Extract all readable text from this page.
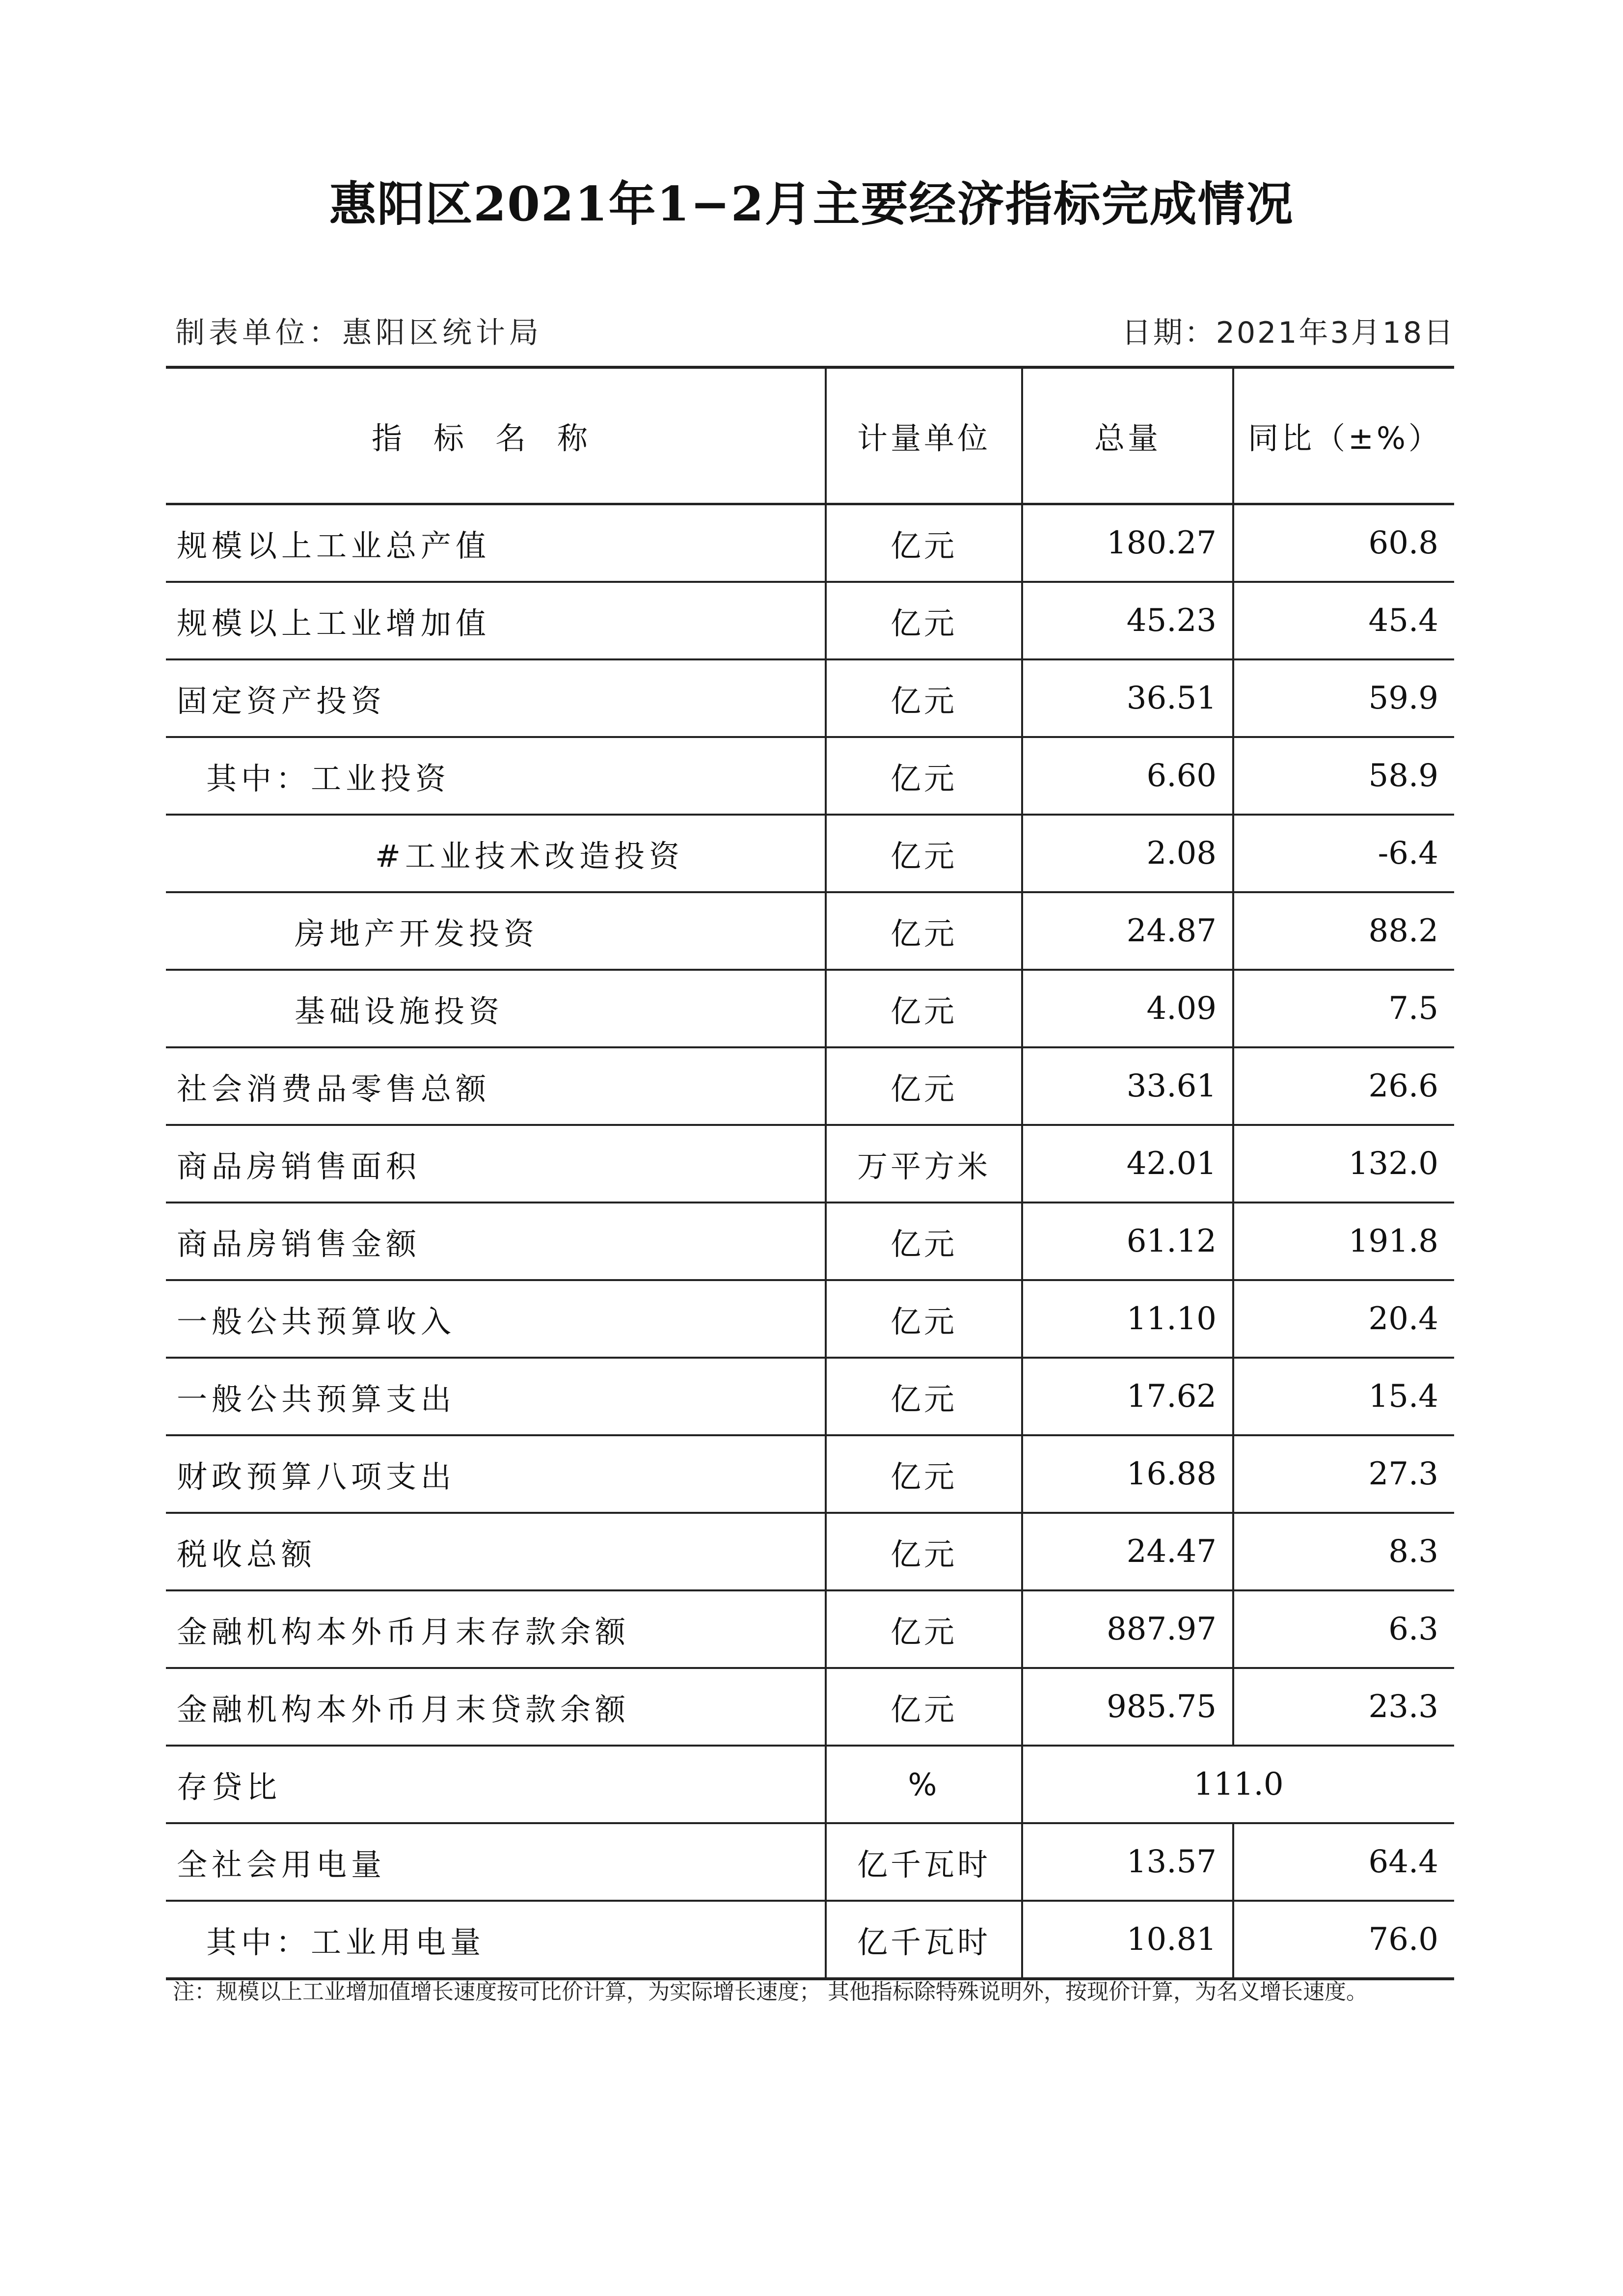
惠阳区2021年1−2月主要经济指标完成情况
制表单位：惠阳区统计局	日期：2021年3月18日
指标名称	计量单位	总量	同比（±%）
规模以上工业总产值	亿元	180.27	60.8
规模以上工业增加值	亿元	45.23	45.4
固定资产投资	亿元	36.51	59.9
其中：工业投资	亿元	6.60	58.9
#工业技术改造投资	亿元	2.08	-6.4
房地产开发投资	亿元	24.87	88.2
基础设施投资	亿元	4.09	7.5
社会消费品零售总额	亿元	33.61	26.6
商品房销售面积	万平方米	42.01	132.0
商品房销售金额	亿元	61.12	191.8
一般公共预算收入	亿元	11.10	20.4
一般公共预算支出	亿元	17.62	15.4
财政预算八项支出	亿元	16.88	27.3
税收总额	亿元	24.47	8.3
金融机构本外币月末存款余额	亿元	887.97	6.3
金融机构本外币月末贷款余额	亿元	985.75	23.3
存贷比	%	111.0	
全社会用电量	亿千瓦时	13.57	64.4
其中：工业用电量	亿千瓦时	10.81	76.0
注：规模以上工业增加值增长速度按可比价计算，为实际增长速度； 其他指标除特殊说明外，按现价计算，为名义增长速度。
